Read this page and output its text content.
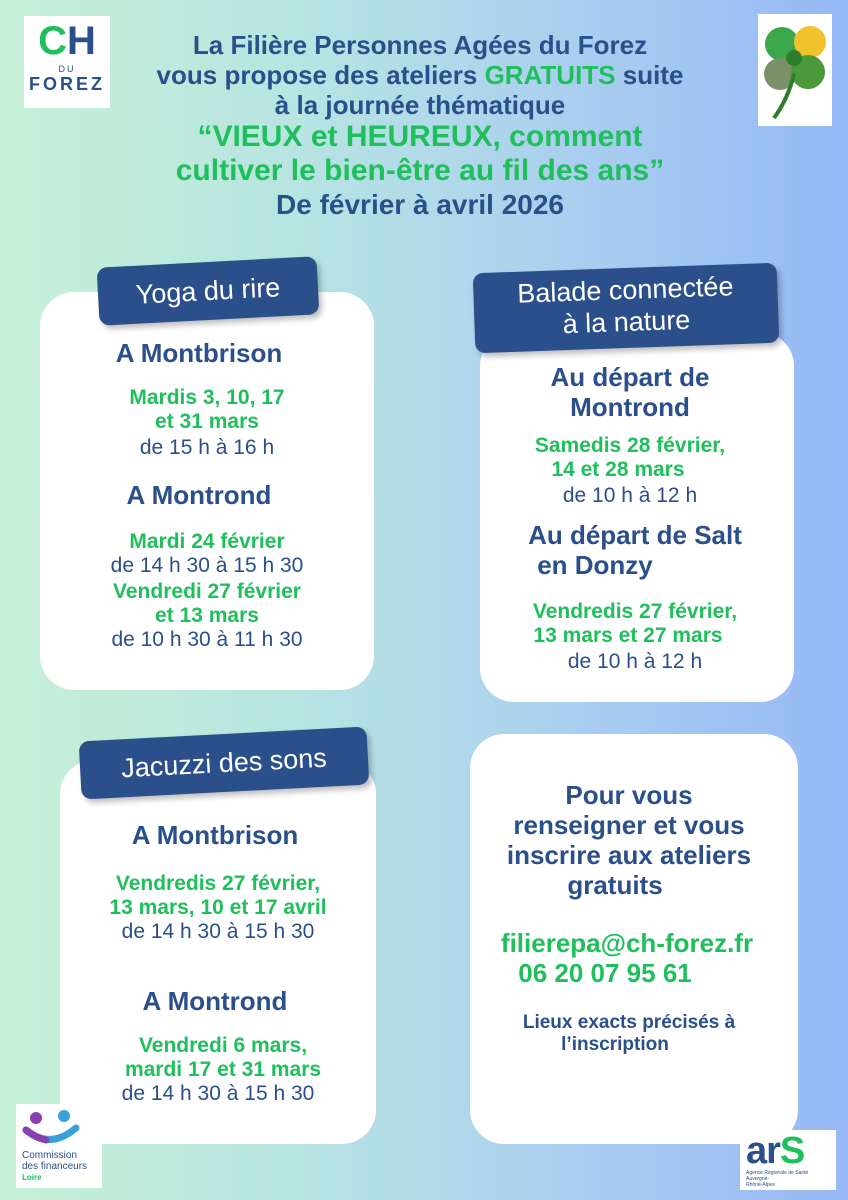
CH
DU
FOREZ
La Filière Personnes Agées du Forez
vous propose des ateliers GRATUITS suite
à la journée thématique
“VIEUX et HEUREUX, comment
cultiver le bien-être au fil des ans”
De février à avril 2026
Yoga du rire
A Montbrison
Mardis 3, 10, 17
et 31 mars
de 15 h à 16 h
A Montrond
Mardi 24 février
de 14 h 30 à 15 h 30
Vendredi 27 février
et 13 mars
de 10 h 30 à 11 h 30
Balade connectée
à la nature
Au départ de
Montrond
Samedis 28 février,
14 et 28 mars
de 10 h à 12 h
Au départ de Salt
en Donzy
Vendredis 27 février,
13 mars et 27 mars
de 10 h à 12 h
Jacuzzi des sons
A Montbrison
Vendredis 27 février,
13 mars, 10 et 17 avril
de 14 h 30 à 15 h 30
A Montrond
Vendredi 6 mars,
mardi 17 et 31 mars
de 14 h 30 à 15 h 30
Pour vous
renseigner et vous
inscrire aux ateliers
gratuits
filierepa@ch-forez.fr
06 20 07 95 61
Lieux exacts précisés à
l’inscription
Commission
des financeurs
Loire
arS
Agence Régionale de Santé
Auvergne-
Rhône-Alpes
